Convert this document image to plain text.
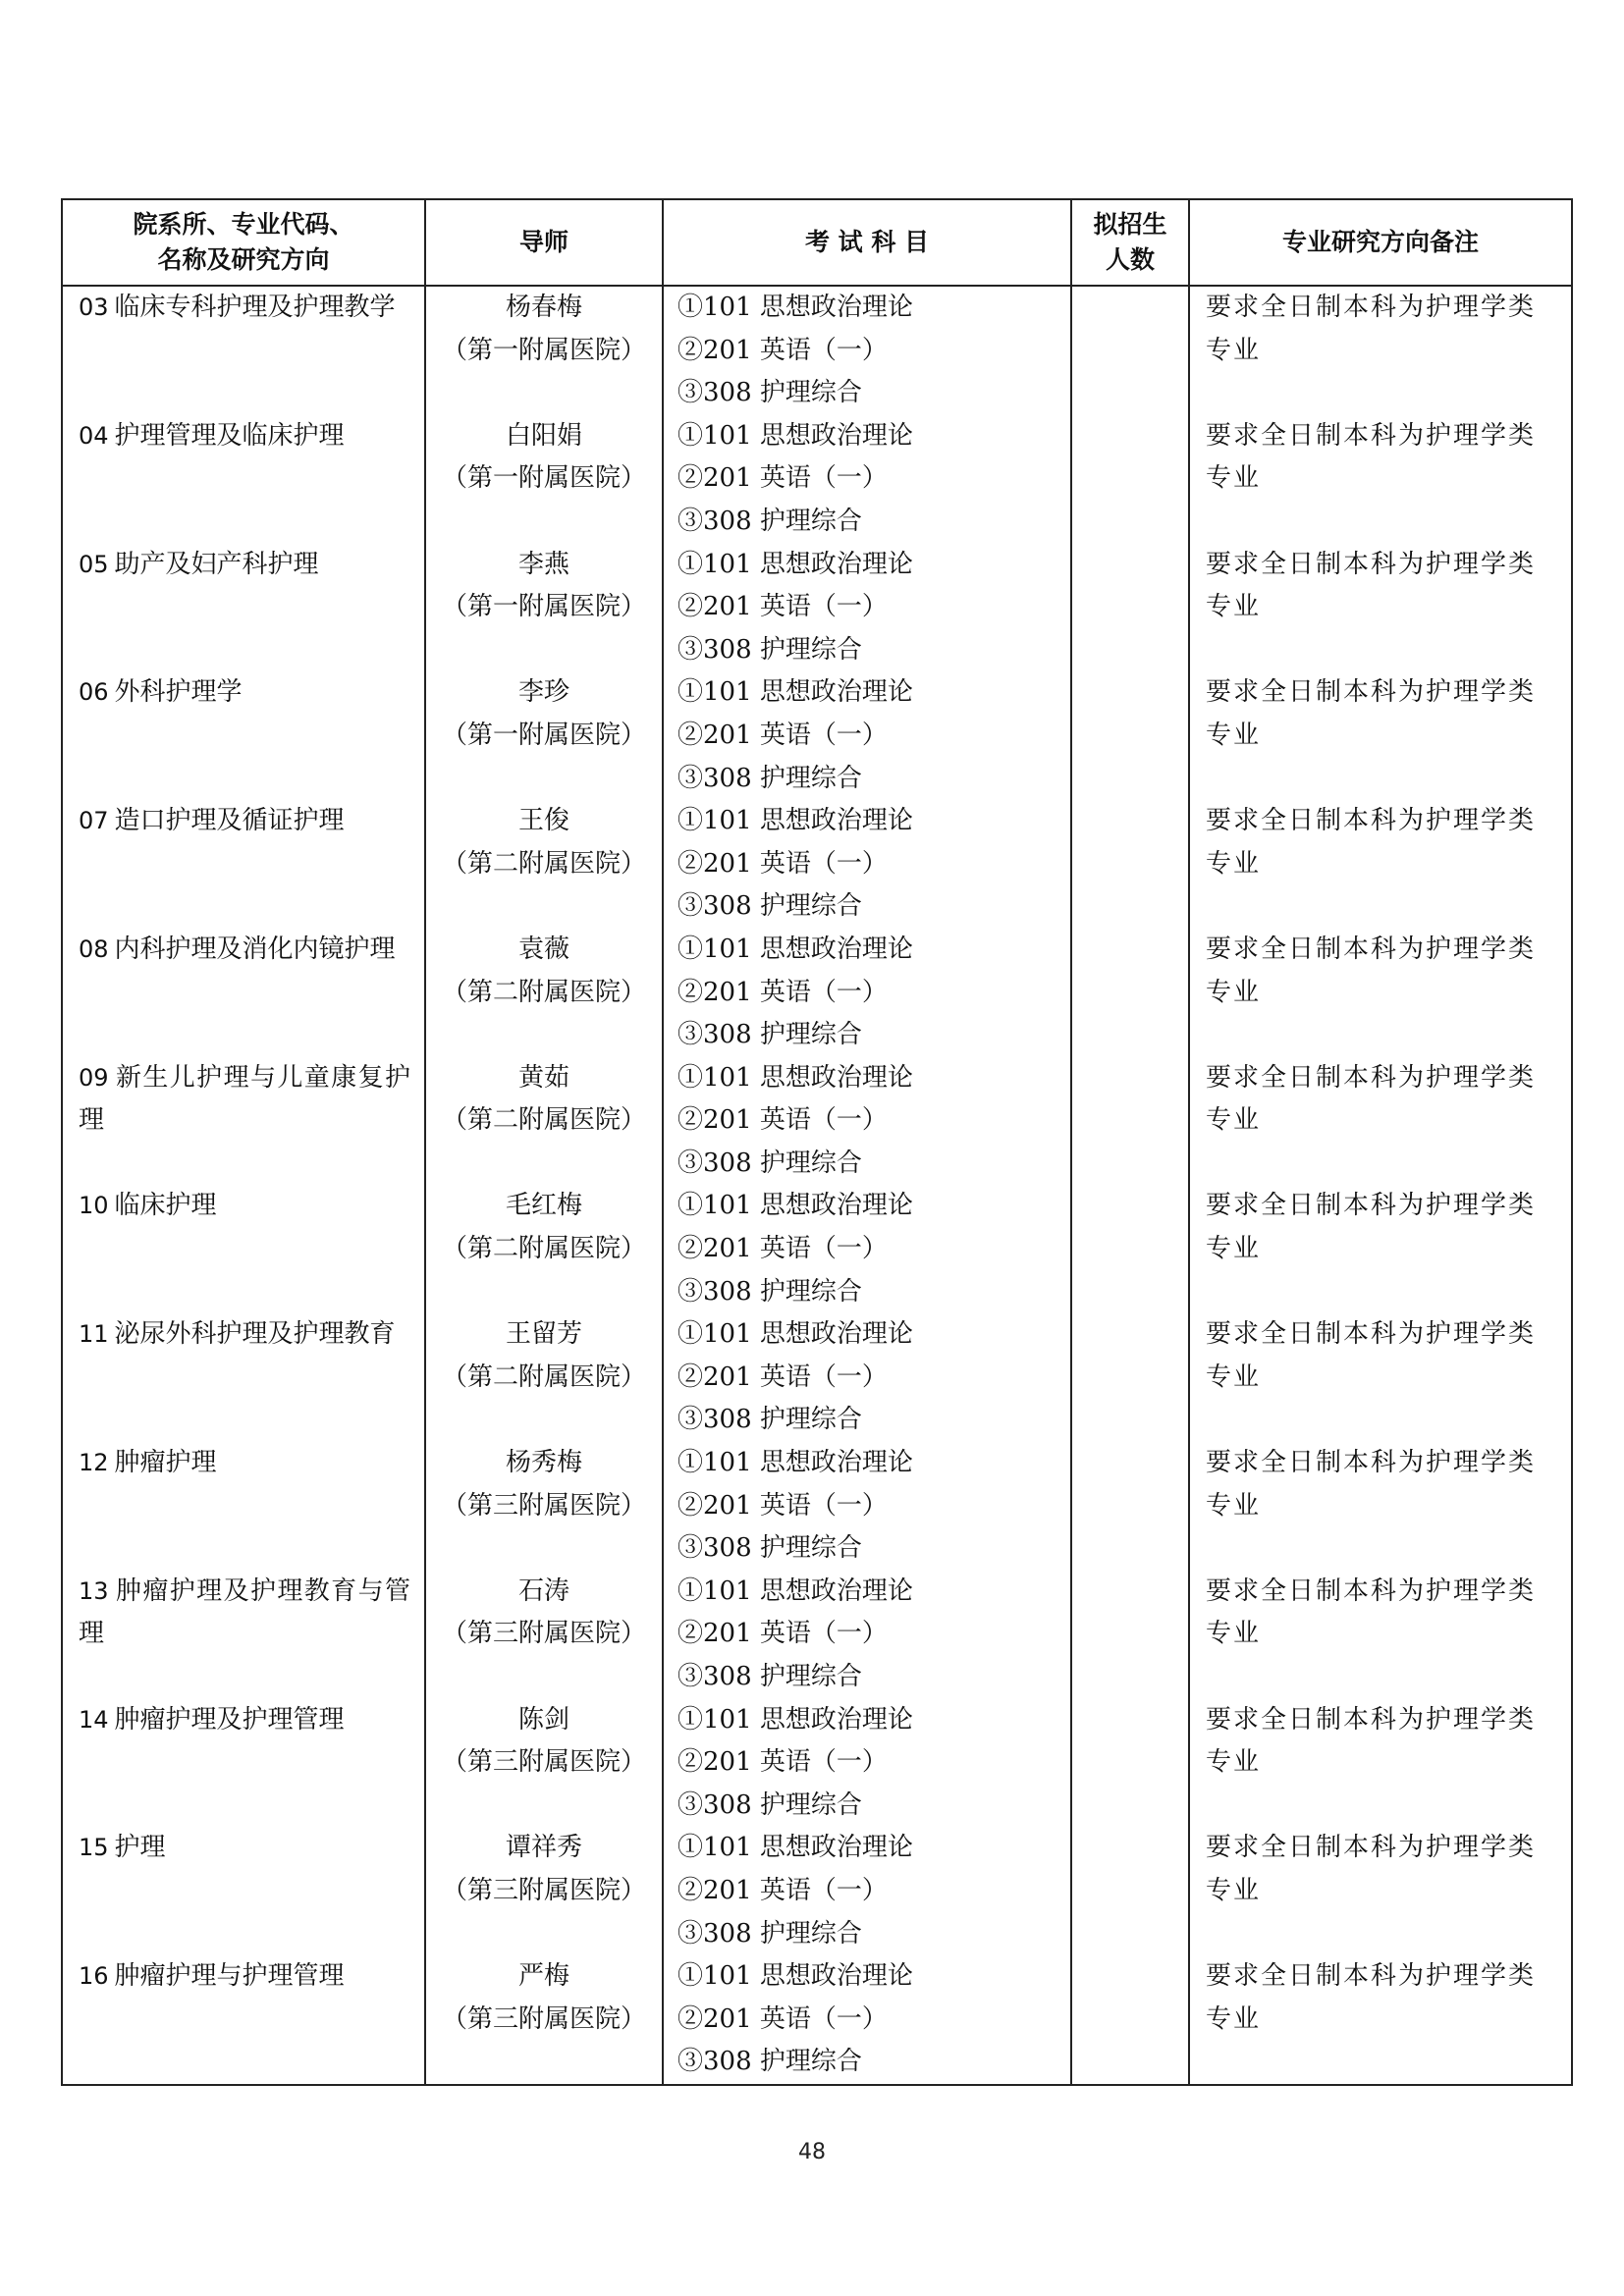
院系所、专业代码、
名称及研究方向	导师	考 试 科 目	拟招生
人数	专业研究方向备注
03 临床专科护理及护理教学	杨春梅
（第一附属医院）	①101 思想政治理论
②201 英语（一）
③308 护理综合		要求全日制本科为护理学类专业
04 护理管理及临床护理	白阳娟
（第一附属医院）	①101 思想政治理论
②201 英语（一）
③308 护理综合		要求全日制本科为护理学类专业
05 助产及妇产科护理	李燕
（第一附属医院）	①101 思想政治理论
②201 英语（一）
③308 护理综合		要求全日制本科为护理学类专业
06 外科护理学	李珍
（第一附属医院）	①101 思想政治理论
②201 英语（一）
③308 护理综合		要求全日制本科为护理学类专业
07 造口护理及循证护理	王俊
（第二附属医院）	①101 思想政治理论
②201 英语（一）
③308 护理综合		要求全日制本科为护理学类专业
08 内科护理及消化内镜护理	袁薇
（第二附属医院）	①101 思想政治理论
②201 英语（一）
③308 护理综合		要求全日制本科为护理学类专业
09 新生儿护理与儿童康复护理	黄茹
（第二附属医院）	①101 思想政治理论
②201 英语（一）
③308 护理综合		要求全日制本科为护理学类专业
10 临床护理	毛红梅
（第二附属医院）	①101 思想政治理论
②201 英语（一）
③308 护理综合		要求全日制本科为护理学类专业
11 泌尿外科护理及护理教育	王留芳
（第二附属医院）	①101 思想政治理论
②201 英语（一）
③308 护理综合		要求全日制本科为护理学类专业
12 肿瘤护理	杨秀梅
（第三附属医院）	①101 思想政治理论
②201 英语（一）
③308 护理综合		要求全日制本科为护理学类专业
13 肿瘤护理及护理教育与管理	石涛
（第三附属医院）	①101 思想政治理论
②201 英语（一）
③308 护理综合		要求全日制本科为护理学类专业
14 肿瘤护理及护理管理	陈剑
（第三附属医院）	①101 思想政治理论
②201 英语（一）
③308 护理综合		要求全日制本科为护理学类专业
15 护理	谭祥秀
（第三附属医院）	①101 思想政治理论
②201 英语（一）
③308 护理综合		要求全日制本科为护理学类专业
16 肿瘤护理与护理管理	严梅
（第三附属医院）	①101 思想政治理论
②201 英语（一）
③308 护理综合		要求全日制本科为护理学类专业
48
